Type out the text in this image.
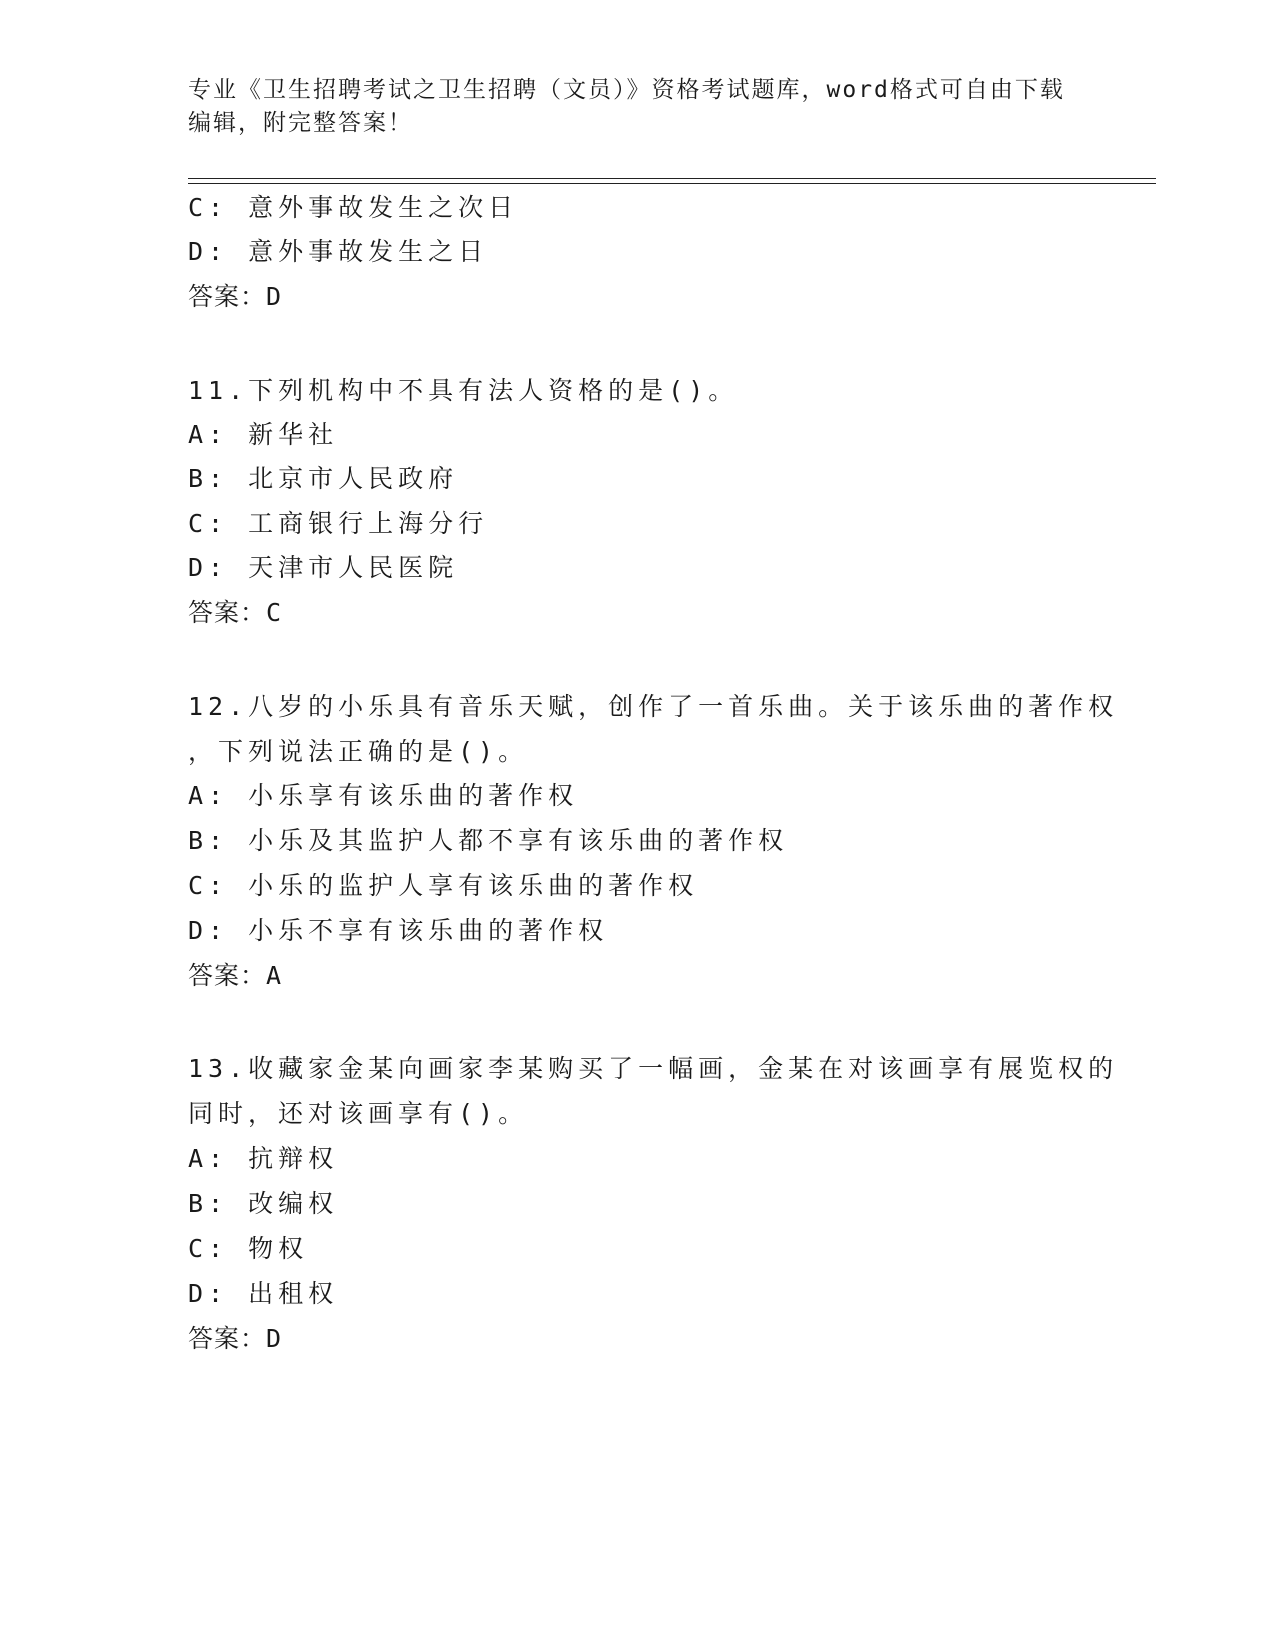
专业《卫生招聘考试之卫生招聘（文员）》资格考试题库，word格式可自由下载
编辑，附完整答案！
C: 意外事故发生之次日
D: 意外事故发生之日
答案：D
11.下列机构中不具有法人资格的是()。
A: 新华社
B: 北京市人民政府
C: 工商银行上海分行
D: 天津市人民医院
答案：C
12.八岁的小乐具有音乐天赋，创作了一首乐曲。关于该乐曲的著作权
，下列说法正确的是()。
A: 小乐享有该乐曲的著作权
B: 小乐及其监护人都不享有该乐曲的著作权
C: 小乐的监护人享有该乐曲的著作权
D: 小乐不享有该乐曲的著作权
答案：A
13.收藏家金某向画家李某购买了一幅画，金某在对该画享有展览权的
同时，还对该画享有()。
A: 抗辩权
B: 改编权
C: 物权
D: 出租权
答案：D
